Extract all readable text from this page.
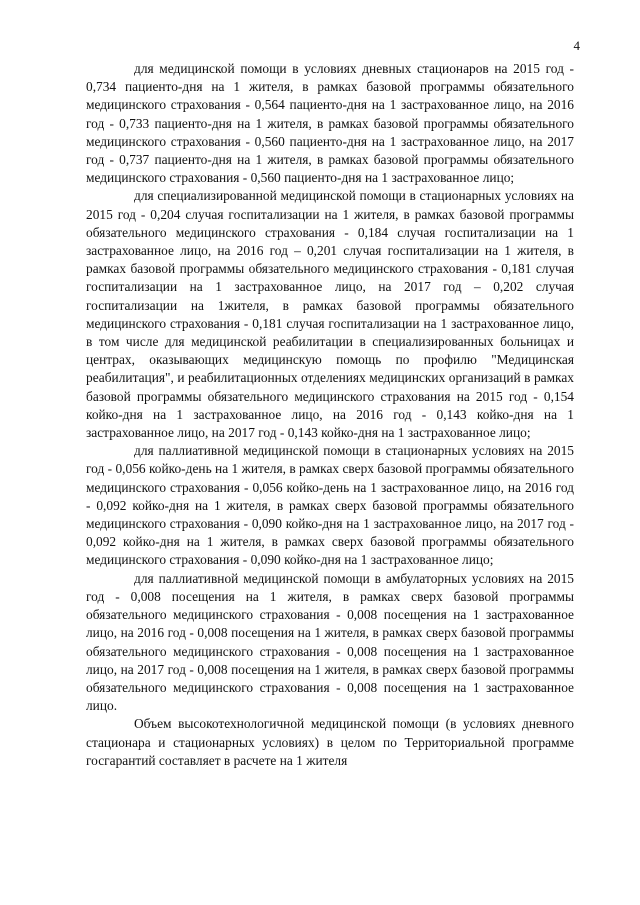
4

для медицинской помощи в условиях дневных стационаров на 2015 год - 0,734 пациенто-дня на 1 жителя, в рамках базовой программы обязательного медицинского страхования - 0,564 пациенто-дня на 1 застрахованное лицо, на 2016 год - 0,733 пациенто-дня на 1 жителя, в рамках базовой программы обязательного медицинского страхования - 0,560 пациенто-дня на 1 застрахованное лицо, на 2017 год - 0,737 пациенто-дня на 1 жителя, в рамках базовой программы обязательного медицинского страхования - 0,560 пациенто-дня на 1 застрахованное лицо;

для специализированной медицинской помощи в стационарных условиях на 2015 год - 0,204 случая госпитализации на 1 жителя, в рамках базовой программы обязательного медицинского страхования - 0,184 случая госпитализации на 1 застрахованное лицо, на 2016 год – 0,201 случая госпитализации на 1 жителя, в рамках базовой программы обязательного медицинского страхования - 0,181 случая госпитализации на 1 застрахованное лицо, на 2017 год – 0,202 случая госпитализации на 1жителя, в рамках базовой программы обязательного медицинского страхования - 0,181 случая госпитализации на 1 застрахованное лицо, в том числе для медицинской реабилитации в специализированных больницах и центрах, оказывающих медицинскую помощь по профилю "Медицинская реабилитация", и реабилитационных отделениях медицинских организаций в рамках базовой программы обязательного медицинского страхования на 2015 год - 0,154 койко-дня на 1 застрахованное лицо, на 2016 год - 0,143 койко-дня на 1 застрахованное лицо, на 2017 год - 0,143 койко-дня на 1 застрахованное лицо;

для паллиативной медицинской помощи в стационарных условиях на 2015 год - 0,056 койко-день на 1 жителя, в рамках сверх базовой программы обязательного медицинского страхования - 0,056 койко-день на 1 застрахованное лицо, на 2016 год - 0,092 койко-дня на 1 жителя, в рамках сверх базовой программы обязательного медицинского страхования - 0,090 койко-дня на 1 застрахованное лицо, на 2017 год - 0,092 койко-дня на 1 жителя, в рамках сверх базовой программы обязательного медицинского страхования - 0,090 койко-дня на 1 застрахованное лицо;

для паллиативной медицинской помощи в амбулаторных условиях на 2015 год - 0,008 посещения на 1 жителя, в рамках сверх базовой программы обязательного медицинского страхования - 0,008 посещения на 1 застрахованное лицо, на 2016 год - 0,008 посещения на 1 жителя, в рамках сверх базовой программы обязательного медицинского страхования - 0,008 посещения на 1 застрахованное лицо, на 2017 год - 0,008 посещения на 1 жителя, в рамках сверх базовой программы обязательного медицинского страхования - 0,008 посещения на 1 застрахованное лицо.

Объем высокотехнологичной медицинской помощи (в условиях дневного стационара и стационарных условиях) в целом по Территориальной программе госгарантий составляет в расчете на 1 жителя
